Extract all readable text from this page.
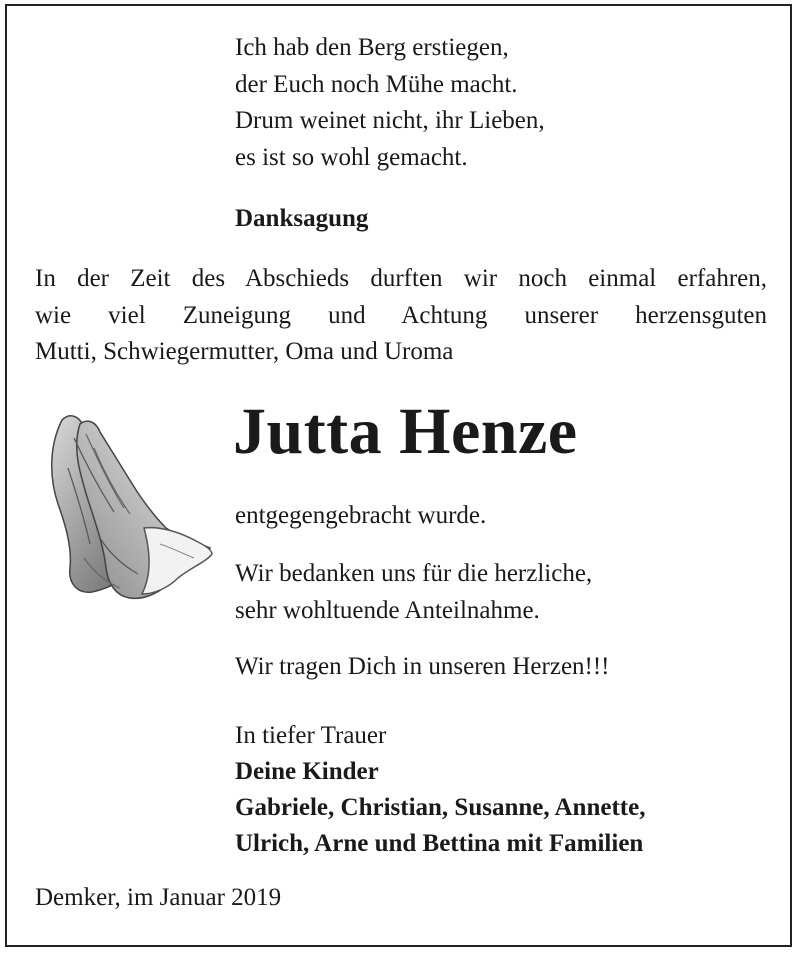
Ich hab den Berg erstiegen,
der Euch noch Mühe macht.
Drum weinet nicht, ihr Lieben,
es ist so wohl gemacht.
Danksagung
In der Zeit des Abschieds durften wir noch einmal erfahren,
wie viel Zuneigung und Achtung unserer herzensguten
Mutti, Schwiegermutter, Oma und Uroma
Jutta Henze
entgegengebracht wurde.
Wir bedanken uns für die herzliche,
sehr wohltuende Anteilnahme.
Wir tragen Dich in unseren Herzen!!!
In tiefer Trauer
Deine Kinder
Gabriele, Christian, Susanne, Annette,
Ulrich, Arne und Bettina mit Familien
Demker, im Januar 2019
